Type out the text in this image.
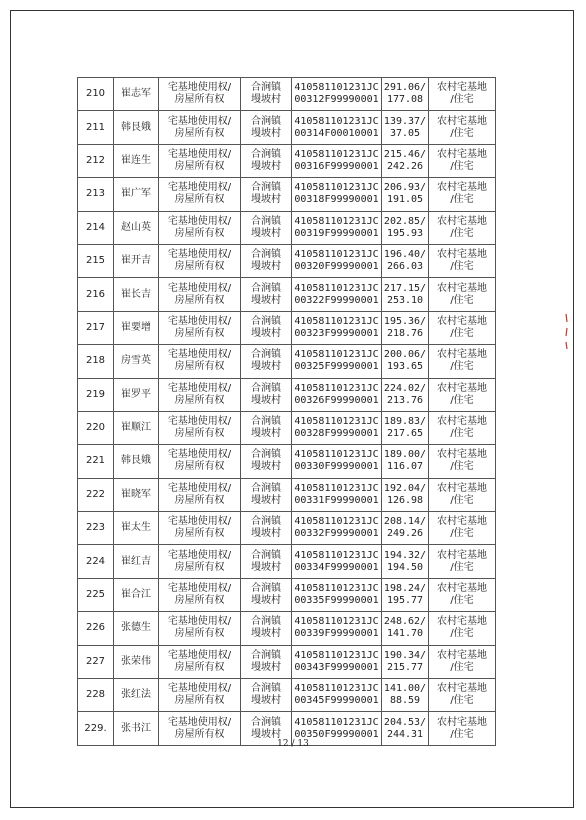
210	崔志军	宅基地使用权/
房屋所有权	合涧镇
墁坡村	410581101231JC
00312F99990001	291.06/
177.08	农村宅基地
/住宅

211	韩艮娥	宅基地使用权/
房屋所有权	合涧镇
墁坡村	410581101231JC
00314F00010001	139.37/
37.05	农村宅基地
/住宅

212	崔连生	宅基地使用权/
房屋所有权	合涧镇
墁坡村	410581101231JC
00316F99990001	215.46/
242.26	农村宅基地
/住宅

213	崔广军	宅基地使用权/
房屋所有权	合涧镇
墁坡村	410581101231JC
00318F99990001	206.93/
191.05	农村宅基地
/住宅

214	赵山英	宅基地使用权/
房屋所有权	合涧镇
墁坡村	410581101231JC
00319F99990001	202.85/
195.93	农村宅基地
/住宅

215	崔开吉	宅基地使用权/
房屋所有权	合涧镇
墁坡村	410581101231JC
00320F99990001	196.40/
266.03	农村宅基地
/住宅

216	崔长吉	宅基地使用权/
房屋所有权	合涧镇
墁坡村	410581101231JC
00322F99990001	217.15/
253.10	农村宅基地
/住宅

217	崔要增	宅基地使用权/
房屋所有权	合涧镇
墁坡村	410581101231JC
00323F99990001	195.36/
218.76	农村宅基地
/住宅

218	房雪英	宅基地使用权/
房屋所有权	合涧镇
墁坡村	410581101231JC
00325F99990001	200.06/
193.65	农村宅基地
/住宅

219	崔罗平	宅基地使用权/
房屋所有权	合涧镇
墁坡村	410581101231JC
00326F99990001	224.02/
213.76	农村宅基地
/住宅

220	崔顺江	宅基地使用权/
房屋所有权	合涧镇
墁坡村	410581101231JC
00328F99990001	189.83/
217.65	农村宅基地
/住宅

221	韩艮娥	宅基地使用权/
房屋所有权	合涧镇
墁坡村	410581101231JC
00330F99990001	189.00/
116.07	农村宅基地
/住宅

222	崔晓军	宅基地使用权/
房屋所有权	合涧镇
墁坡村	410581101231JC
00331F99990001	192.04/
126.98	农村宅基地
/住宅

223	崔太生	宅基地使用权/
房屋所有权	合涧镇
墁坡村	410581101231JC
00332F99990001	208.14/
249.26	农村宅基地
/住宅

224	崔红吉	宅基地使用权/
房屋所有权	合涧镇
墁坡村	410581101231JC
00334F99990001	194.32/
194.50	农村宅基地
/住宅

225	崔合江	宅基地使用权/
房屋所有权	合涧镇
墁坡村	410581101231JC
00335F99990001	198.24/
195.77	农村宅基地
/住宅

226	张德生	宅基地使用权/
房屋所有权	合涧镇
墁坡村	410581101231JC
00339F99990001	248.62/
141.70	农村宅基地
/住宅

227	张荣伟	宅基地使用权/
房屋所有权	合涧镇
墁坡村	410581101231JC
00343F99990001	190.34/
215.77	农村宅基地
/住宅

228	张红法	宅基地使用权/
房屋所有权	合涧镇
墁坡村	410581101231JC
00345F99990001	141.00/
88.59	农村宅基地
/住宅

229.	张书江	宅基地使用权/
房屋所有权	合涧镇
墁坡村	410581101231JC
00350F99990001	204.53/
244.31	农村宅基地
/住宅
12 / 13
